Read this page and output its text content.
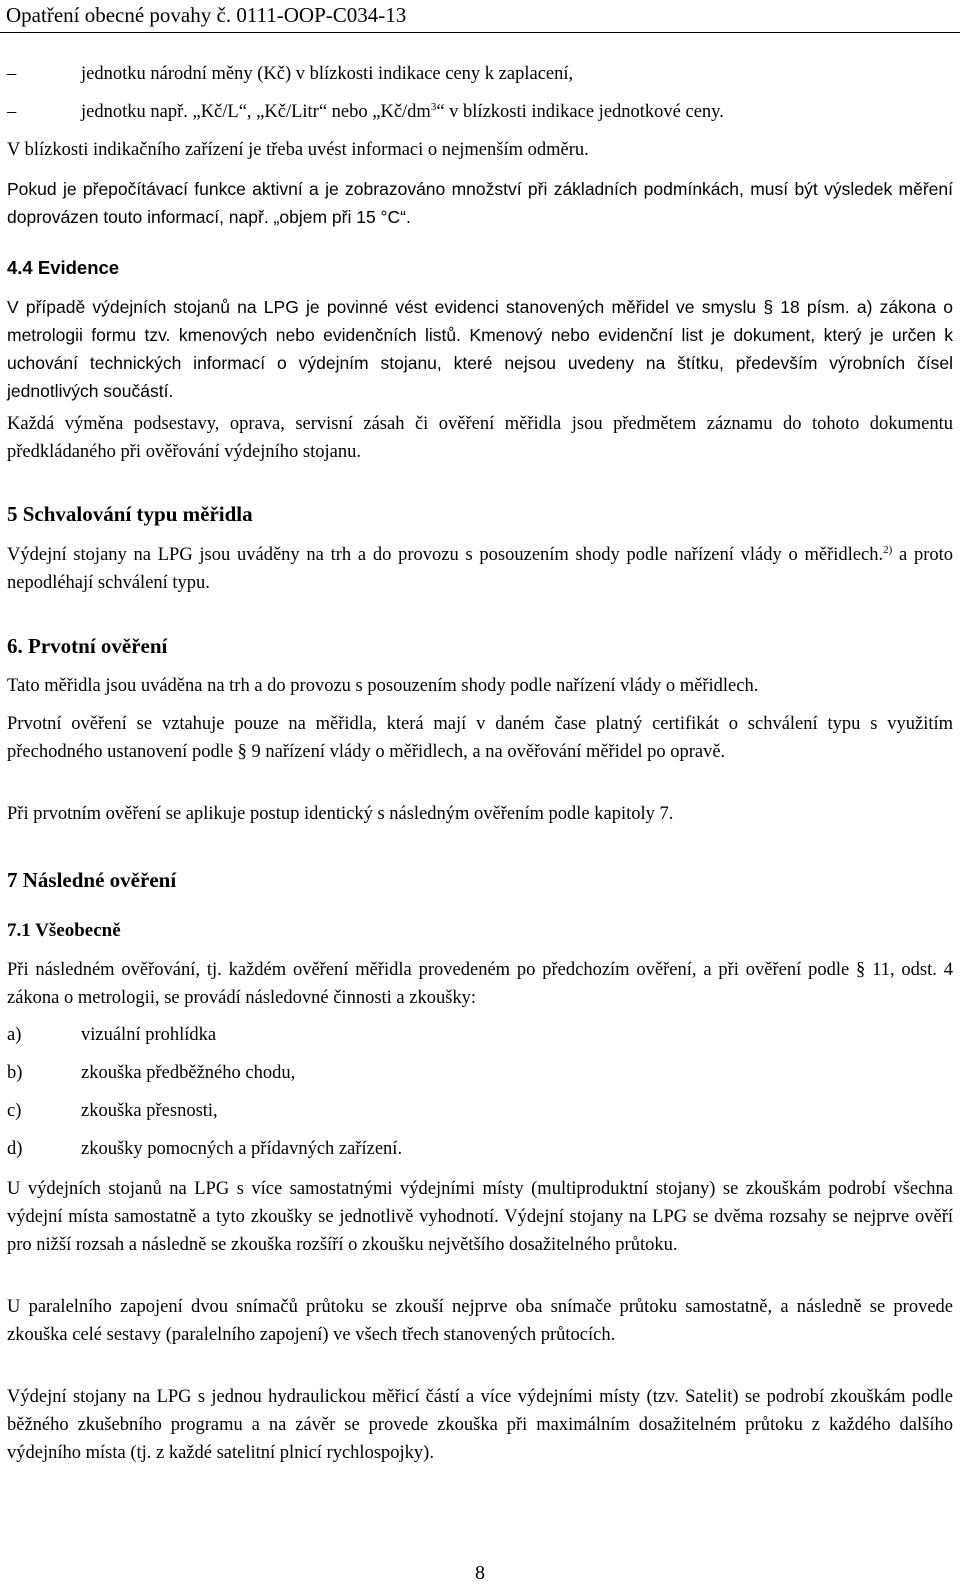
Opatření obecné povahy č. 0111-OOP-C034-13
–	jednotku národní měny (Kč) v blízkosti indikace ceny k zaplacení,
–	jednotku např. „Kč/L“, „Kč/Litr“ nebo $„Kč/dm^3“$ v blízkosti indikace jednotkové ceny.
V blízkosti indikačního zařízení je třeba uvést informaci o nejmenším odměru.
Pokud je přepočítávací funkce aktivní a je zobrazováno množství při základních podmínkách, musí být výsledek měření doprovázen touto informací, např. „objem při 15 °C“.
4.4 Evidence
V případě výdejních stojanů na LPG je povinné vést evidenci stanovených měřidel ve smyslu § 18 písm. a) zákona o metrologii formu tzv. kmenových nebo evidenčních listů. Kmenový nebo evidenční list je dokument, který je určen k uchování technických informací o výdejním stojanu, které nejsou uvedeny na štítku, především výrobních čísel jednotlivých součástí.
Každá výměna podsestavy, oprava, servisní zásah či ověření měřidla jsou předmětem záznamu do tohoto dokumentu předkládaného při ověřování výdejního stojanu.
5 Schvalování typu měřidla
Výdejní stojany na LPG jsou uváděny na trh a do provozu s posouzením shody podle nařízení vlády o měřidlech.$^{2)}$ a proto nepodléhají schválení typu.
6. Prvotní ověření
Tato měřidla jsou uváděna na trh a do provozu s posouzením shody podle nařízení vlády o měřidlech.
Prvotní ověření se vztahuje pouze na měřidla, která mají v daném čase platný certifikát o schválení typu s využitím přechodného ustanovení podle § 9 nařízení vlády o měřidlech, a na ověřování měřidel po opravě.
Při prvotním ověření se aplikuje postup identický s následným ověřením podle kapitoly 7.
7 Následné ověření
7.1 Všeobecně
Při následném ověřování, tj. každém ověření měřidla provedeném po předchozím ověření, a při ověření podle § 11, odst. 4 zákona o metrologii, se provádí následovné činnosti a zkoušky:
a)	vizuální prohlídka
b)	zkouška předběžného chodu,
c)	zkouška přesnosti,
d)	zkoušky pomocných a přídavných zařízení.
U výdejních stojanů na LPG s více samostatnými výdejními místy (multiproduktní stojany) se zkouškám podrobí všechna výdejní místa samostatně a tyto zkoušky se jednotlivě vyhodnotí. Výdejní stojany na LPG se dvěma rozsahy se nejprve ověří pro nižší rozsah a následně se zkouška rozšíří o zkoušku největšího dosažitelného průtoku.
U paralelního zapojení dvou snímačů průtoku se zkouší nejprve oba snímače průtoku samostatně, a následně se provede zkouška celé sestavy (paralelního zapojení) ve všech třech stanovených průtocích.
Výdejní stojany na LPG s jednou hydraulickou měřicí částí a více výdejními místy (tzv. Satelit) se podrobí zkouškám podle běžného zkušebního programu a na závěr se provede zkouška při maximálním dosažitelném průtoku z každého dalšího výdejního místa (tj. z každé satelitní plnicí rychlospojky).
8
